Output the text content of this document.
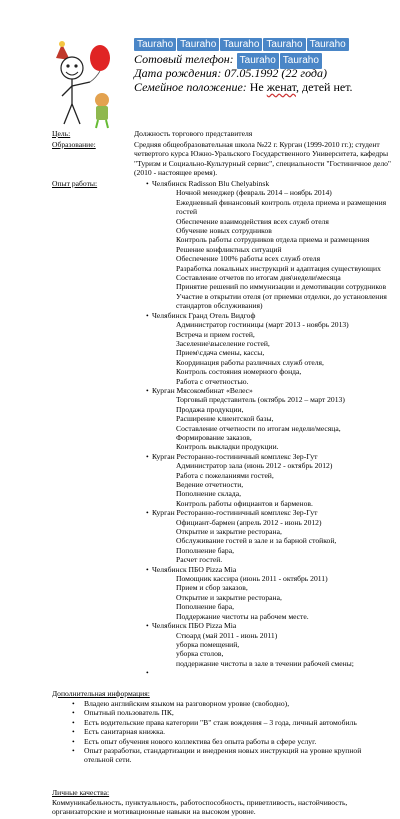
Tauraho Tauraho Tauraho Tauraho Tauraho
Сотовый телефон: Tauraho Tauraho
Дата рождения: 07.05.1992 (22 года)
Семейное положение: Не женат, детей нет.
Цель:	Должность торгового представителя
Образование:	Средняя общеобразовательная школа №22 г. Курган (1999-2010 гг.); студент четвертого курса Южно-Уральского Государственного Университета, кафедры "Туризм и Социально-Культурный сервис", специальности "Гостиничное дело" (2010 - настоящее время).
Опыт работы:	• Челябинск Radisson Blu Chelyabinsk
Ночной менеджер (февраль 2014 – ноябрь 2014)
Ежедневный финансовый контроль отдела приема и размещения гостей
Обеспечение взаимодействия всех служб отеля
Обучение новых сотрудников
Контроль работы сотрудников отдела приема и размещения
Решение конфликтных ситуаций
Обеспечение 100% работы всех служб отеля
Разработка локальных инструкций и адаптация существующих
Составление отчетов по итогам дня\недели\месяца
Принятие решений по иммунизации и демотивации сотрудников
Участие в открытии отеля (от приемки отделки, до установления стандартов обслуживания)
• Челябинск Гранд Отель Видгоф
Администратор гостиницы (март 2013 - ноябрь 2013)
Встреча и прием гостей,
Заселение\выселение гостей,
Прием\сдача смены, кассы,
Координация работы различных служб отеля,
Контроль состояния номерного фонда,
Работа с отчетностью.
• Курган Мясокомбинат «Велес»
Торговый представитель (октябрь 2012 – март 2013)
Продажа продукции,
Расширение клиентской базы,
Составление отчетности по итогам недели/месяца,
Формирование заказов,
Контроль выкладки продукции.
• Курган Ресторанно-гостиничный комплекс Зер-Гут
Администратор зала (июнь 2012 - октябрь 2012)
Работа с пожеланиями гостей,
Ведение отчетности,
Пополнение склада,
Контроль работы официантов и барменов.
• Курган Ресторанно-гостиничный комплекс Зер-Гут
Официант-бармен (апрель 2012 - июнь 2012)
Открытие и закрытие ресторана,
Обслуживание гостей в зале и за барной стойкой,
Пополнение бара,
Расчет гостей.
• Челябинск ПБО Pizza Mia
Помощник кассира (июнь 2011 - октябрь 2011)
Прием и сбор заказов,
Открытие и закрытие ресторана,
Пополнение бара,
Поддержание чистоты на рабочем месте.
• Челябинск ПБО Pizza Mia
Стюард (май 2011 - июнь 2011)
уборка помещений,
уборка столов,
поддержание чистоты в зале в течении рабочей смены;
•
Дополнительная информация:
• Владею английским языком на разговорном уровне (свободно),
• Опытный пользователь ПК,
• Есть водительские права категории "B" стаж вождения – 3 года, личный автомобиль
• Есть санитарная книжка.
• Есть опыт обучения нового коллектива без опыта работы в сфере услуг.
• Опыт разработки, стандартизации и внедрения новых инструкций на уровне крупной отельной сети.
Личные качества:
Коммуникабельность, пунктуальность, работоспособность, приветливость, настойчивость, организаторские и мотивационные навыки на высоком уровне.
